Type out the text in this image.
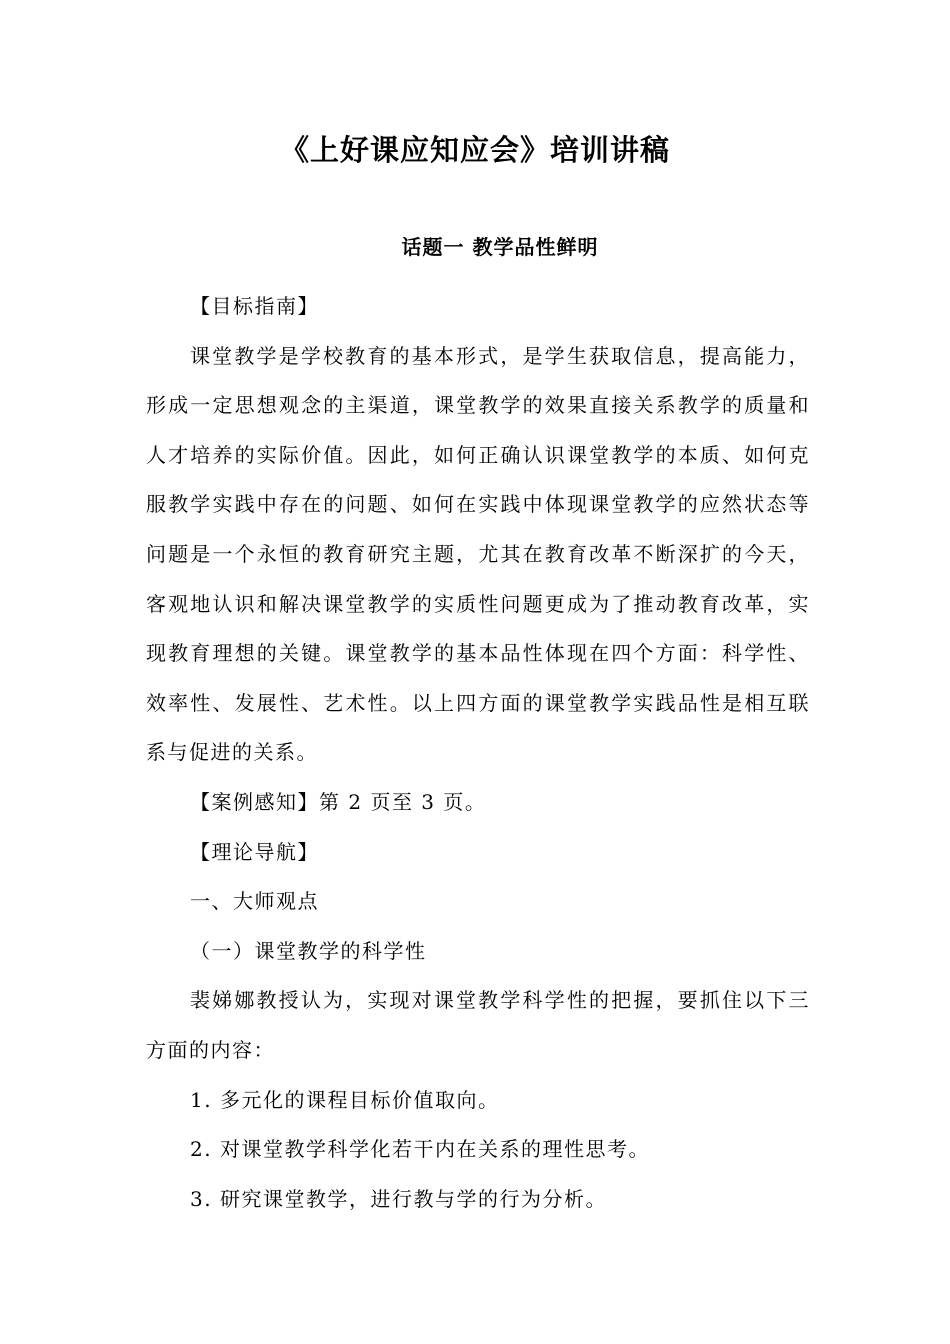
《上好课应知应会》培训讲稿
话题一 教学品性鲜明

【目标指南】

课堂教学是学校教育的基本形式，是学生获取信息，提高能力，形成一定思想观念的主渠道，课堂教学的效果直接关系教学的质量和人才培养的实际价值。因此，如何正确认识课堂教学的本质、如何克服教学实践中存在的问题、如何在实践中体现课堂教学的应然状态等问题是一个永恒的教育研究主题，尤其在教育改革不断深扩的今天，客观地认识和解决课堂教学的实质性问题更成为了推动教育改革，实现教育理想的关键。课堂教学的基本品性体现在四个方面：科学性、效率性、发展性、艺术性。以上四方面的课堂教学实践品性是相互联系与促进的关系。

【案例感知】第 2 页至 3 页。

【理论导航】

一、大师观点

（一）课堂教学的科学性

裴娣娜教授认为，实现对课堂教学科学性的把握，要抓住以下三方面的内容：

1. 多元化的课程目标价值取向。

2. 对课堂教学科学化若干内在关系的理性思考。

3. 研究课堂教学，进行教与学的行为分析。
